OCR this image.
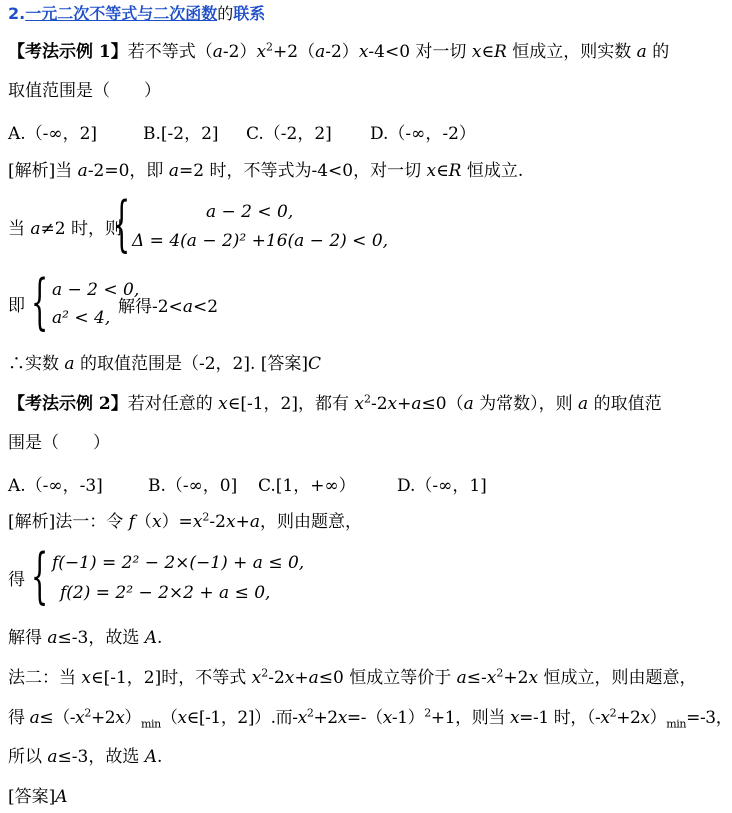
2.一元二次不等式与二次函数的联系
【考法示例 1】若不等式$(a-2)x^2+2(a-2)x-4<0$ 对一切 x∈R 恒成立，则实数 a 的
取值范围是（　　）
A.（-∞，2]	B.[-2，2] C.（-2，2] D.（-∞，-2）
[解析]当 a-2=0，即 a=2 时，不等式为-4<0，对一切 x∈R 恒成立.
当 a≠2 时，则
{	a − 2 < 0,
Δ = 4(a − 2)² +16(a − 2) < 0,
即 { a − 2 < 0,
a² < 4,
解得-2<a<2
∴实数 a 的取值范围是（-2，2]. [答案]C
【考法示例 2】若对任意的 x∈[-1，2]，都有 $x^2-2x+a\le 0(a$ 为常数），则 a 的取值范
围是（　　）
A.（-∞，-3]	B.（-∞，0] C.[1，+∞） D.（-∞，1]
[解析]法一：令 $f(x)=x^2-2x+a$，则由题意，
得 { f(−1) = 2² − 2×(−1) + a ≤ 0,
f(2) = 2² − 2×2 + a ≤ 0,
解得 a≤-3，故选 A.
法二：当 x∈[-1，2]时，不等式 $x^2-2x+a\le 0$ 恒成立等价于 $a\le-x^2+2x$ 恒成立，则由题意，
得 $a\le(-x^2+2x)_{min}(x\in[-1$，2]）.而$-x^2+2x=-(x-1)^2+1$，则当 x=-1 时，$(-x^2+2x)_{min}=-3$，
所以 a≤-3，故选 A.
[答案]A
